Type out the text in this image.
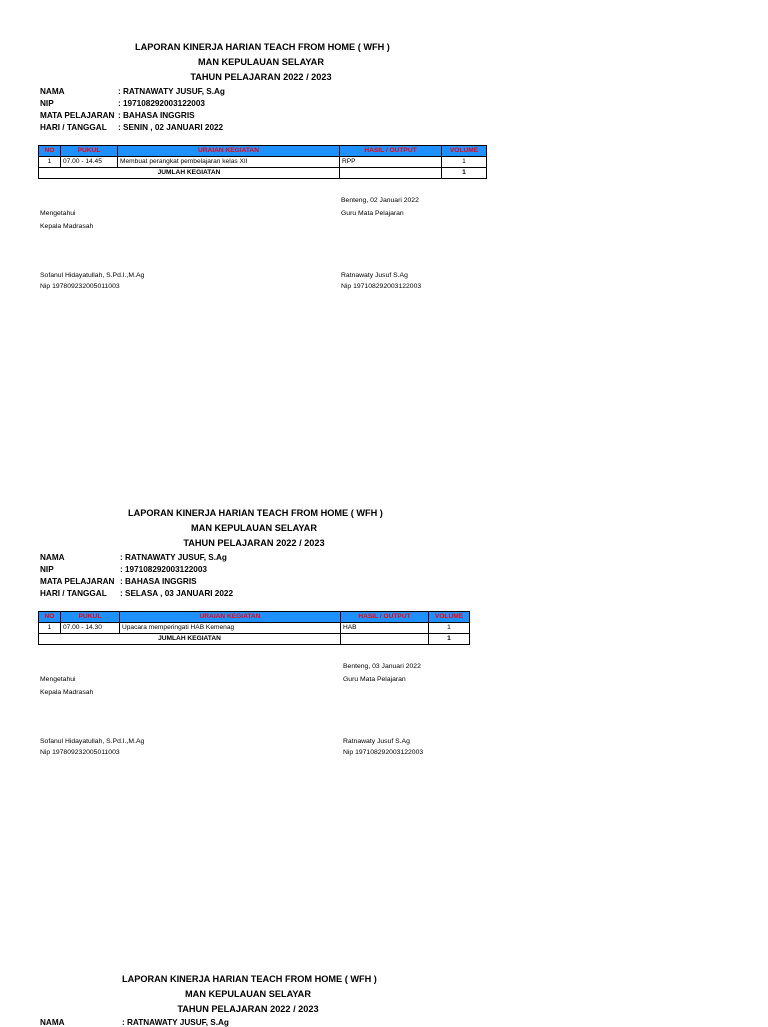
LAPORAN KINERJA HARIAN TEACH FROM HOME ( WFH )
MAN KEPULAUAN SELAYAR
TAHUN PELAJARAN 2022 / 2023
NAMA	: RATNAWATY JUSUF, S.Ag
NIP	: 197108292003122003
MATA PELAJARAN : BAHASA INGGRIS
HARI / TANGGAL : SENIN , 02 JANUARI 2022
NO	PUKUL	URAIAN KEGIATAN	HASIL / OUTPUT	VOLUME
1	07.00 - 14.45	Membuat perangkat pembelajaran kelas XII	RPP	1
JUMLAH KEGIATAN				1
Benteng, 02 Januari 2022
Guru Mata Pelajaran
Mengetahui
Kepala Madrasah
Sofanul Hidayatullah, S.Pd.I.,M.Ag
Nip 197809232005011003
Ratnawaty Jusuf S.Ag
Nip 197108292003122003
LAPORAN KINERJA HARIAN TEACH FROM HOME ( WFH )
MAN KEPULAUAN SELAYAR
TAHUN PELAJARAN 2022 / 2023
NAMA	: RATNAWATY JUSUF, S.Ag
NIP	: 197108292003122003
MATA PELAJARAN : BAHASA INGGRIS
HARI / TANGGAL : SELASA , 03 JANUARI 2022
NO	PUKUL	URAIAN KEGIATAN	HASIL / OUTPUT	VOLUME
1	07.00 - 14.30	Upacara memperingati HAB Kemenag	HAB	1
JUMLAH KEGIATAN				1
Benteng, 03 Januari 2022
Guru Mata Pelajaran
Mengetahui
Kepala Madrasah
Sofanul Hidayatullah, S.Pd.I.,M.Ag
Nip 197809232005011003
Ratnawaty Jusuf S.Ag
Nip 197108292003122003
LAPORAN KINERJA HARIAN TEACH FROM HOME ( WFH )
MAN KEPULAUAN SELAYAR
TAHUN PELAJARAN 2022 / 2023
NAMA	: RATNAWATY JUSUF, S.Ag
